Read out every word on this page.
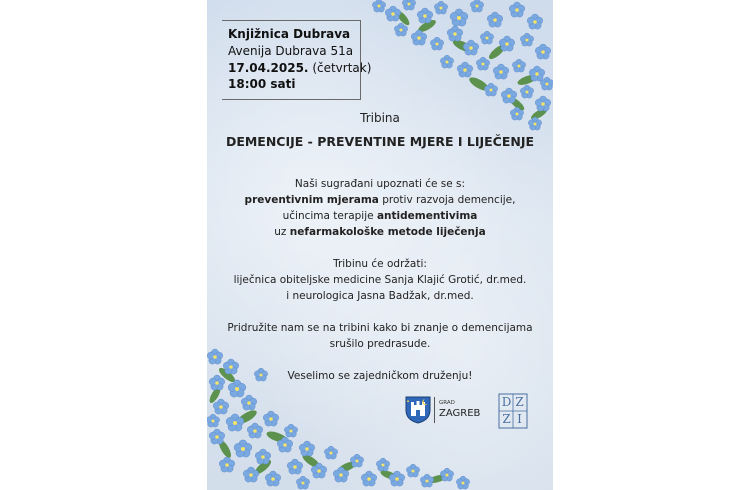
Knjižnica Dubrava
Avenija Dubrava 51a
17.04.2025. (četvrtak)
18:00 sati
Tribina
DEMENCIJE - PREVENTINE MJERE I LIJEČENJE
Naši sugrađani upoznati će se s:
preventivnim mjerama protiv razvoja demencije,
učincima terapije antidementivima
uz nefarmakološke metode liječenja
Tribinu će održati:
liječnica obiteljske medicine Sanja Klajić Grotić, dr.med.
i neurologica Jasna Badžak, dr.med.
Pridružite nam se na tribini kako bi znanje o demencijama
srušilo predrasude.
Veselimo se zajedničkom druženju!
GRAD
ZAGREB
D Z
Z I
